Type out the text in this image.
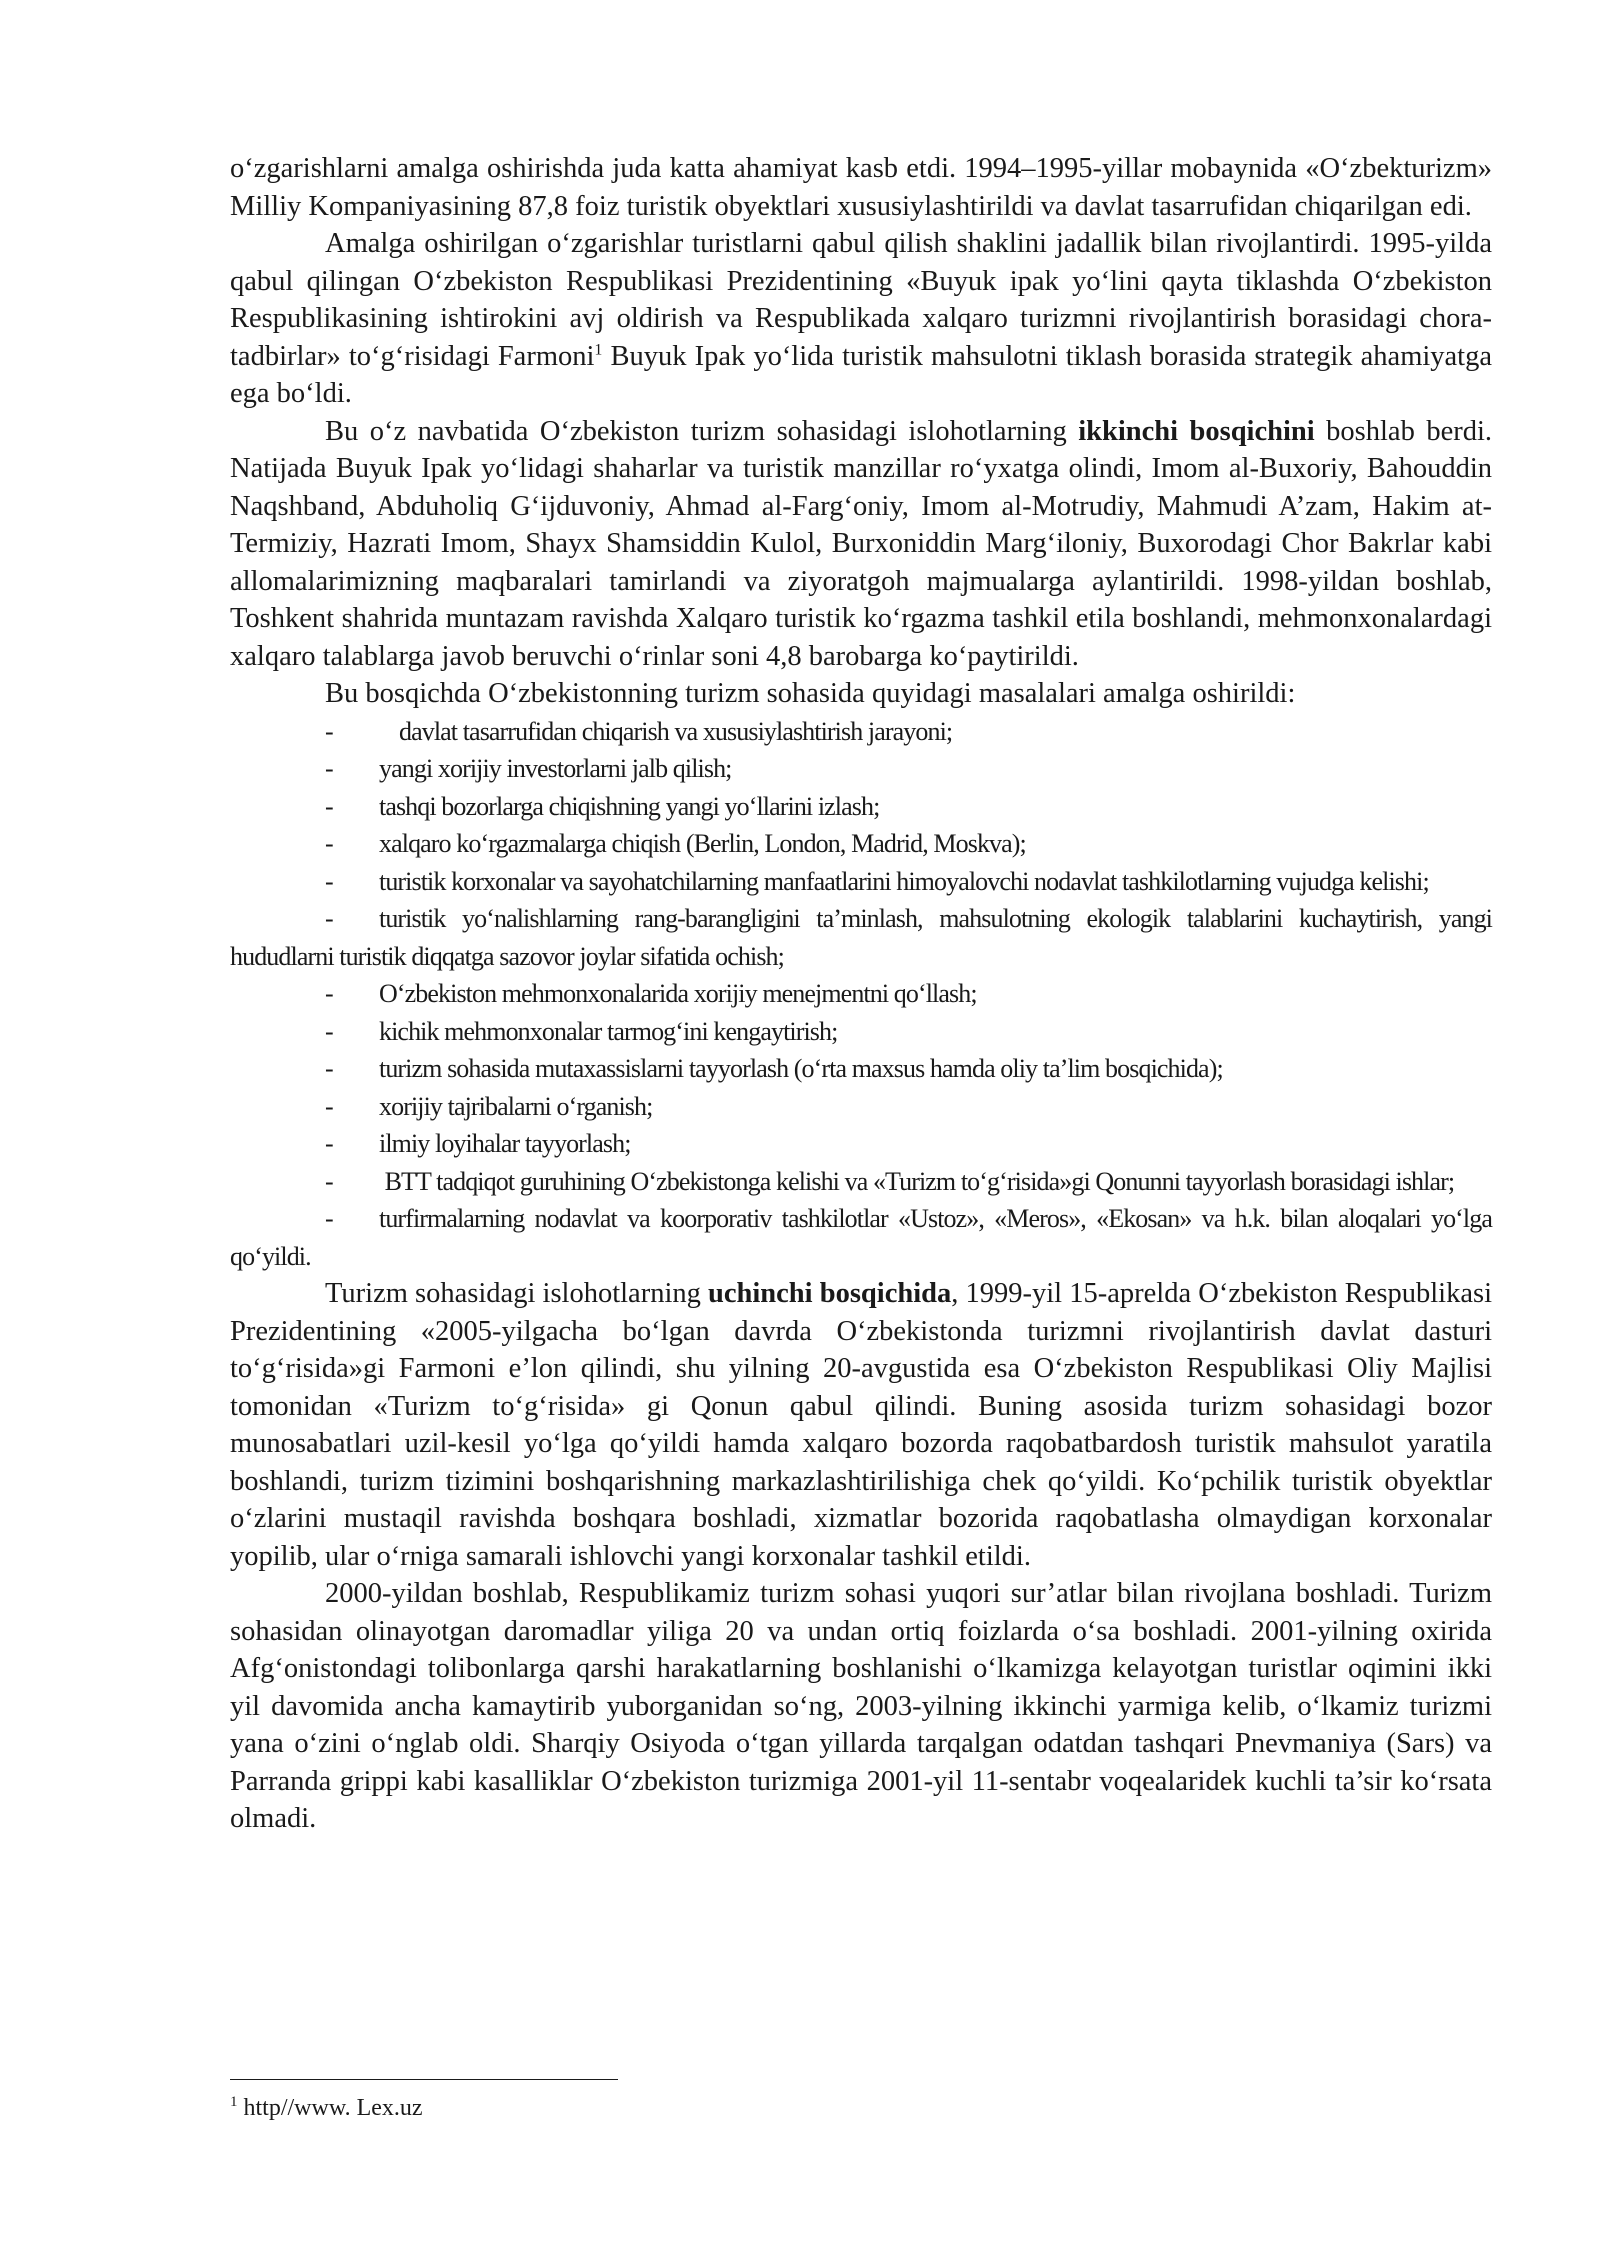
o‘zgarishlarni amalga oshirishda juda katta ahamiyat kasb etdi. 1994–1995-yillar mobaynida «O‘zbekturizm» Milliy Kompaniyasining 87,8 foiz turistik obyektlari xususiylashtirildi va davlat tasarrufidan chiqarilgan edi.

Amalga oshirilgan o‘zgarishlar turistlarni qabul qilish shaklini jadallik bilan rivojlantirdi. 1995-yilda qabul qilingan O‘zbekiston Respublikasi Prezidentining «Buyuk ipak yo‘lini qayta tiklashda O‘zbekiston Respublikasining ishtirokini avj oldirish va Respublikada xalqaro turizmni rivojlantirish borasidagi chora-tadbirlar» to‘g‘risidagi Farmoni$^1$ Buyuk Ipak yo‘lida turistik mahsulotni tiklash borasida strategik ahamiyatga ega bo‘ldi.

Bu o‘z navbatida O‘zbekiston turizm sohasidagi islohotlarning ikkinchi bosqichini boshlab berdi. Natijada Buyuk Ipak yo‘lidagi shaharlar va turistik manzillar ro‘yxatga olindi, Imom al-Buxoriy, Bahouddin Naqshband, Abduholiq G‘ijduvoniy, Ahmad al-Farg‘oniy, Imom al-Motrudiy, Mahmudi A’zam, Hakim at-Termiziy, Hazrati Imom, Shayx Shamsiddin Kulol, Burxoniddin Marg‘iloniy, Buxorodagi Chor Bakrlar kabi allomalarimizning maqbaralari tamirlandi va ziyoratgoh majmualarga aylantirildi. 1998-yildan boshlab, Toshkent shahrida muntazam ravishda Xalqaro turistik ko‘rgazma tashkil etila boshlandi, mehmonxonalardagi xalqaro talablarga javob beruvchi o‘rinlar soni 4,8 barobarga ko‘paytirildi.

Bu bosqichda O‘zbekistonning turizm sohasida quyidagi masalalari amalga oshirildi:

-	davlat tasarrufidan chiqarish va xususiylashtirish jarayoni;
- yangi xorijiy investorlarni jalb qilish;
- tashqi bozorlarga chiqishning yangi yo‘llarini izlash;
- xalqaro ko‘rgazmalarga chiqish (Berlin, London, Madrid, Moskva);
- turistik korxonalar va sayohatchilarning manfaatlarini himoyalovchi nodavlat tashkilotlarning vujudga kelishi;
- turistik yo‘nalishlarning rang-barangligini ta’minlash, mahsulotning ekologik talablarini kuchaytirish, yangi hududlarni turistik diqqatga sazovor joylar sifatida ochish;
- O‘zbekiston mehmonxonalarida xorijiy menejmentni qo‘llash;
- kichik mehmonxonalar tarmog‘ini kengaytirish;
- turizm sohasida mutaxassislarni tayyorlash (o‘rta maxsus hamda oliy ta’lim bosqichida);
- xorijiy tajribalarni o‘rganish;
- ilmiy loyihalar tayyorlash;
- BTT tadqiqot guruhining O‘zbekistonga kelishi va «Turizm to‘g‘risida»gi Qonunni tayyorlash borasidagi ishlar;
- turfirmalarning nodavlat va koorporativ tashkilotlar «Ustoz», «Meros», «Ekosan» va h.k. bilan aloqalari yo‘lga qo‘yildi.

Turizm sohasidagi islohotlarning uchinchi bosqichida, 1999-yil 15-aprelda O‘zbekiston Respublikasi Prezidentining «2005-yilgacha bo‘lgan davrda O‘zbekistonda turizmni rivojlantirish davlat dasturi to‘g‘risida»gi Farmoni e’lon qilindi, shu yilning 20-avgustida esa O‘zbekiston Respublikasi Oliy Majlisi tomonidan «Turizm to‘g‘risida» gi Qonun qabul qilindi. Buning asosida turizm sohasidagi bozor munosabatlari uzil-kesil yo‘lga qo‘yildi hamda xalqaro bozorda raqobatbardosh turistik mahsulot yaratila boshlandi, turizm tizimini boshqarishning markazlashtirilishiga chek qo‘yildi. Ko‘pchilik turistik obyektlar o‘zlarini mustaqil ravishda boshqara boshladi, xizmatlar bozorida raqobatlasha olmaydigan korxonalar yopilib, ular o‘rniga samarali ishlovchi yangi korxonalar tashkil etildi.

2000-yildan boshlab, Respublikamiz turizm sohasi yuqori sur’atlar bilan rivojlana boshladi. Turizm sohasidan olinayotgan daromadlar yiliga 20 va undan ortiq foizlarda o‘sa boshladi. 2001-yilning oxirida Afg‘onistondagi tolibonlarga qarshi harakatlarning boshlanishi o‘lkamizga kelayotgan turistlar oqimini ikki yil davomida ancha kamaytirib yuborganidan so‘ng, 2003-yilning ikkinchi yarmiga kelib, o‘lkamiz turizmi yana o‘zini o‘nglab oldi. Sharqiy Osiyoda o‘tgan yillarda tarqalgan odatdan tashqari Pnevmaniya (Sars) va Parranda grippi kabi kasalliklar O‘zbekiston turizmiga 2001-yil 11-sentabr voqealaridek kuchli ta’sir ko‘rsata olmadi.

$^1$ http//www. Lex.uz
